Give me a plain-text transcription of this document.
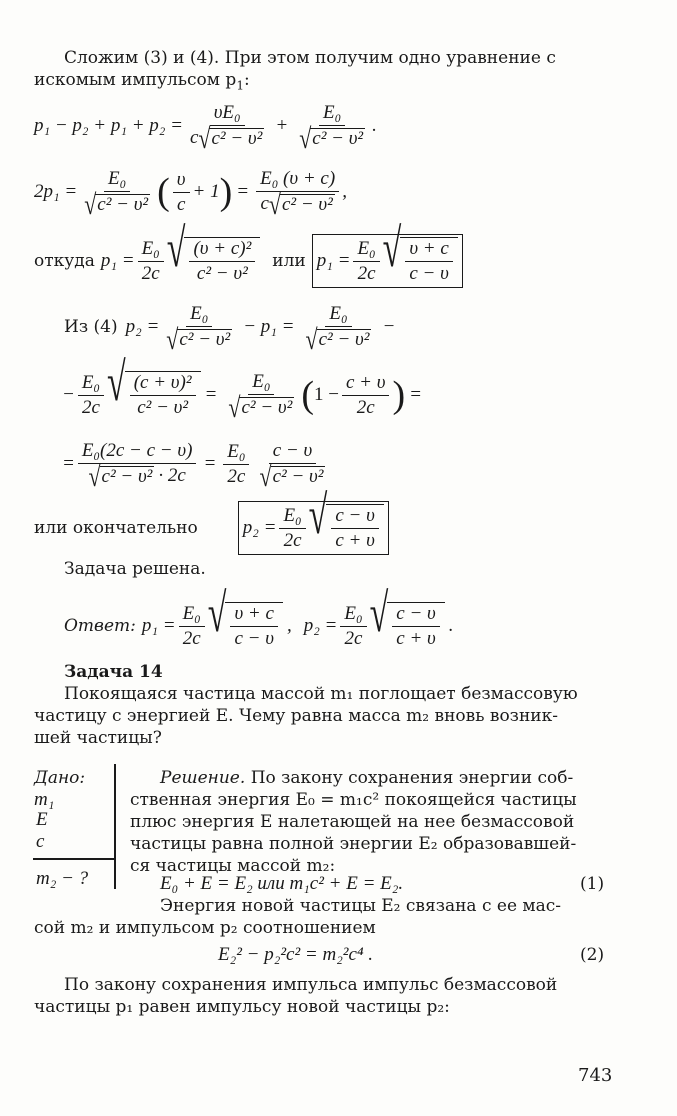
Сложим (3) и (4). При этом получим одно уравнение с
искомым импульсом $p_1$:
$p_1 - p_2 + p_1 + p_2 = \frac{\text{υE₀}}{\text{c √ c² − υ²}} + \frac{\text{E₀}}{\text{√ c² − υ²}}$ .
$2p_1 = \frac{\text{E₀}}{\text{√ c² − υ²}}$ ( $\frac{\upsilon}{c} + 1$ ) = $\frac{\text{E₀ (υ + c)}}{\text{c √ c² − υ²}}$ ,
откуда $p_1 = \frac{\text{E₀}}{2c}$ √ $\frac{\text{(υ + c)²}}{\text{c² − υ²}}$ или $p_1 = \frac{\text{E₀}}{2c}$ √ $\frac{\upsilon + c}{c - \upsilon}$
Из (4) $p_2 = \frac{\text{E₀}}{\text{√ c² − υ²}} - p_1 = \frac{\text{E₀}}{\text{√ c² − υ²}}$ −
− $\frac{\text{E₀}}{2c}$ √ $\frac{\text{(c + υ)²}}{\text{c² − υ²}} = \frac{\text{E₀}}{\text{√ c² − υ²}}$ ( $1 - \frac{c + \upsilon}{2c}$ ) =
= $\frac{\text{E₀(2c − c − υ)}}{\text{√ c² − υ² · 2c}} = \frac{\text{E₀}}{2c} \frac{c - \upsilon}{\text{√ c² − υ²}}$
или окончательно $p_2 = \frac{\text{E₀}}{2c}$ √ $\frac{c - \upsilon}{c + \upsilon}$
Задача решена.
Ответ: $p_1 = \frac{\text{E₀}}{2c}$ √ $\frac{\upsilon + c}{c - \upsilon}$ , $p_2 = \frac{\text{E₀}}{2c}$ √ $\frac{c - \upsilon}{c + \upsilon}$ .
Задача 14
Покоящаяся частица массой m₁ поглощает безмассовую
частицу с энергией E. Чему равна масса m₂ вновь возник-
шей частицы?
Дано:
m₁
E
c
m₂ − ?
Решение. По закону сохранения энергии соб-
ственная энергия E₀ = m₁c² покоящейся частицы
плюс энергия E налетающей на нее безмассовой
частицы равна полной энергии E₂ образовавшей-
ся частицы массой m₂:
E₀ + E = E₂ или m₁c² + E = E₂.	(1)
Энергия новой частицы E₂ связана с ее мас-
сой m₂ и импульсом p₂ соотношением
E₂² − p₂²c² = m₂²c⁴ .	(2)
По закону сохранения импульса импульс безмассовой
частицы p₁ равен импульсу новой частицы p₂:
743
